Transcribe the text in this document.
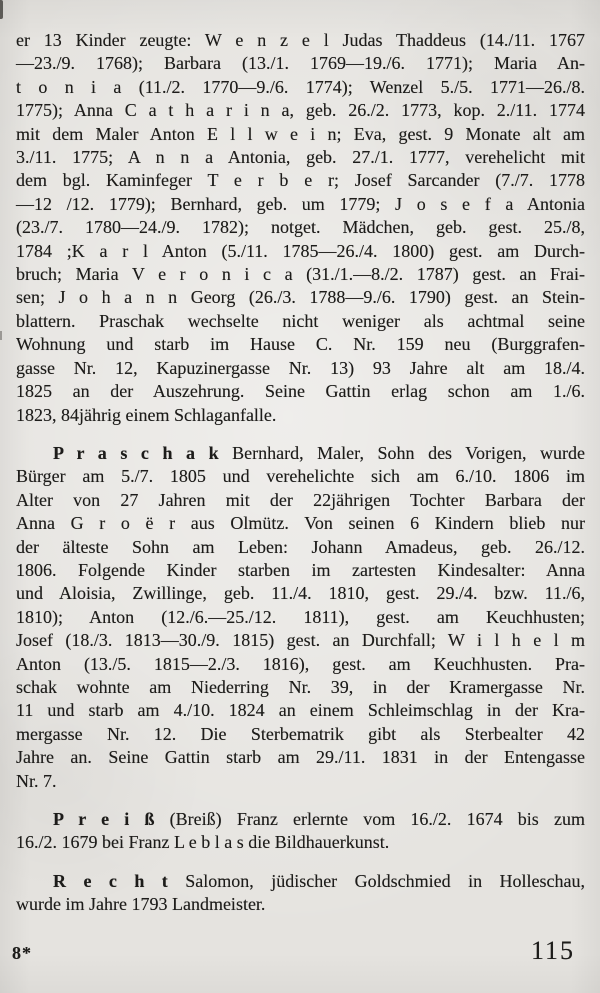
er 13 Kinder zeugte: W e n z e l Judas Thaddeus (14./11. 1767
—23./9. 1768); Barbara (13./1. 1769—19./6. 1771); Maria An-
t o n i a (11./2. 1770—9./6. 1774); Wenzel 5./5. 1771—26./8.
1775); Anna C a t h a r i n a, geb. 26./2. 1773, kop. 2./11. 1774
mit dem Maler Anton E l l w e i n; Eva, gest. 9 Monate alt am
3./11. 1775; A n n a Antonia, geb. 27./1. 1777, verehelicht mit
dem bgl. Kaminfeger T e r b e r; Josef Sarcander (7./7. 1778
—12 /12. 1779); Bernhard, geb. um 1779; J o s e f a Antonia
(23./7. 1780—24./9. 1782); notget. Mädchen, geb. gest. 25./8,
1784 ;K a r l Anton (5./11. 1785—26./4. 1800) gest. am Durch-
bruch; Maria V e r o n i c a (31./1.—8./2. 1787) gest. an Frai-
sen; J o h a n n Georg (26./3. 1788—9./6. 1790) gest. an Stein-
blattern. Praschak wechselte nicht weniger als achtmal seine
Wohnung und starb im Hause C. Nr. 159 neu (Burggrafen-
gasse Nr. 12, Kapuzinergasse Nr. 13) 93 Jahre alt am 18./4.
1825 an der Auszehrung. Seine Gattin erlag schon am 1./6.
1823, 84jährig einem Schlaganfalle.
P r a s c h a k Bernhard, Maler, Sohn des Vorigen, wurde
Bürger am 5./7. 1805 und verehelichte sich am 6./10. 1806 im
Alter von 27 Jahren mit der 22jährigen Tochter Barbara der
Anna G r o ë r aus Olmütz. Von seinen 6 Kindern blieb nur
der älteste Sohn am Leben: Johann Amadeus, geb. 26./12.
1806. Folgende Kinder starben im zartesten Kindesalter: Anna
und Aloisia, Zwillinge, geb. 11./4. 1810, gest. 29./4. bzw. 11./6,
1810); Anton (12./6.—25./12. 1811), gest. am Keuchhusten;
Josef (18./3. 1813—30./9. 1815) gest. an Durchfall; W i l h e l m
Anton (13./5. 1815—2./3. 1816), gest. am Keuchhusten. Pra-
schak wohnte am Niederring Nr. 39, in der Kramergasse Nr.
11 und starb am 4./10. 1824 an einem Schleimschlag in der Kra-
mergasse Nr. 12. Die Sterbematrik gibt als Sterbealter 42
Jahre an. Seine Gattin starb am 29./11. 1831 in der Entengasse
Nr. 7.
P r e i ß (Breiß) Franz erlernte vom 16./2. 1674 bis zum
16./2. 1679 bei Franz L e b l a s die Bildhauerkunst.
R e c h t Salomon, jüdischer Goldschmied in Holleschau,
wurde im Jahre 1793 Landmeister.
8*	115
